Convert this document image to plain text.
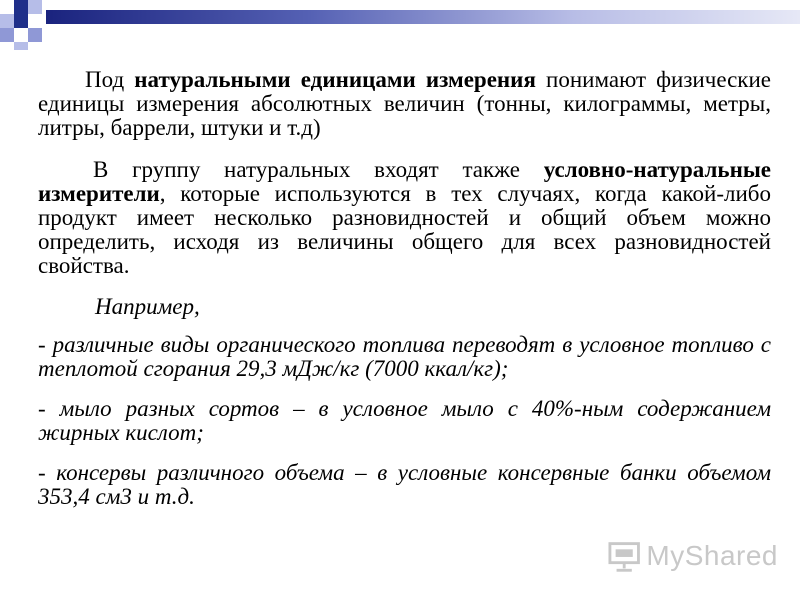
Под натуральными единицами измерения понимают физические единицы измерения абсолютных величин (тонны, килограммы, метры, литры, баррели, штуки и т.д)

В группу натуральных входят также условно-натуральные измерители, которые используются в тех случаях, когда какой-либо продукт имеет несколько разновидностей и общий объем можно определить, исходя из величины общего для всех разновидностей свойства.

Например,

- различные виды органического топлива переводят в условное топливо с теплотой сгорания 29,3 мДж/кг (7000 ккал/кг);

- мыло разных сортов – в условное мыло с 40%-ным содержанием жирных кислот;

- консервы различного объема – в условные консервные банки объемом 353,4 см3 и т.д.

MyShared
